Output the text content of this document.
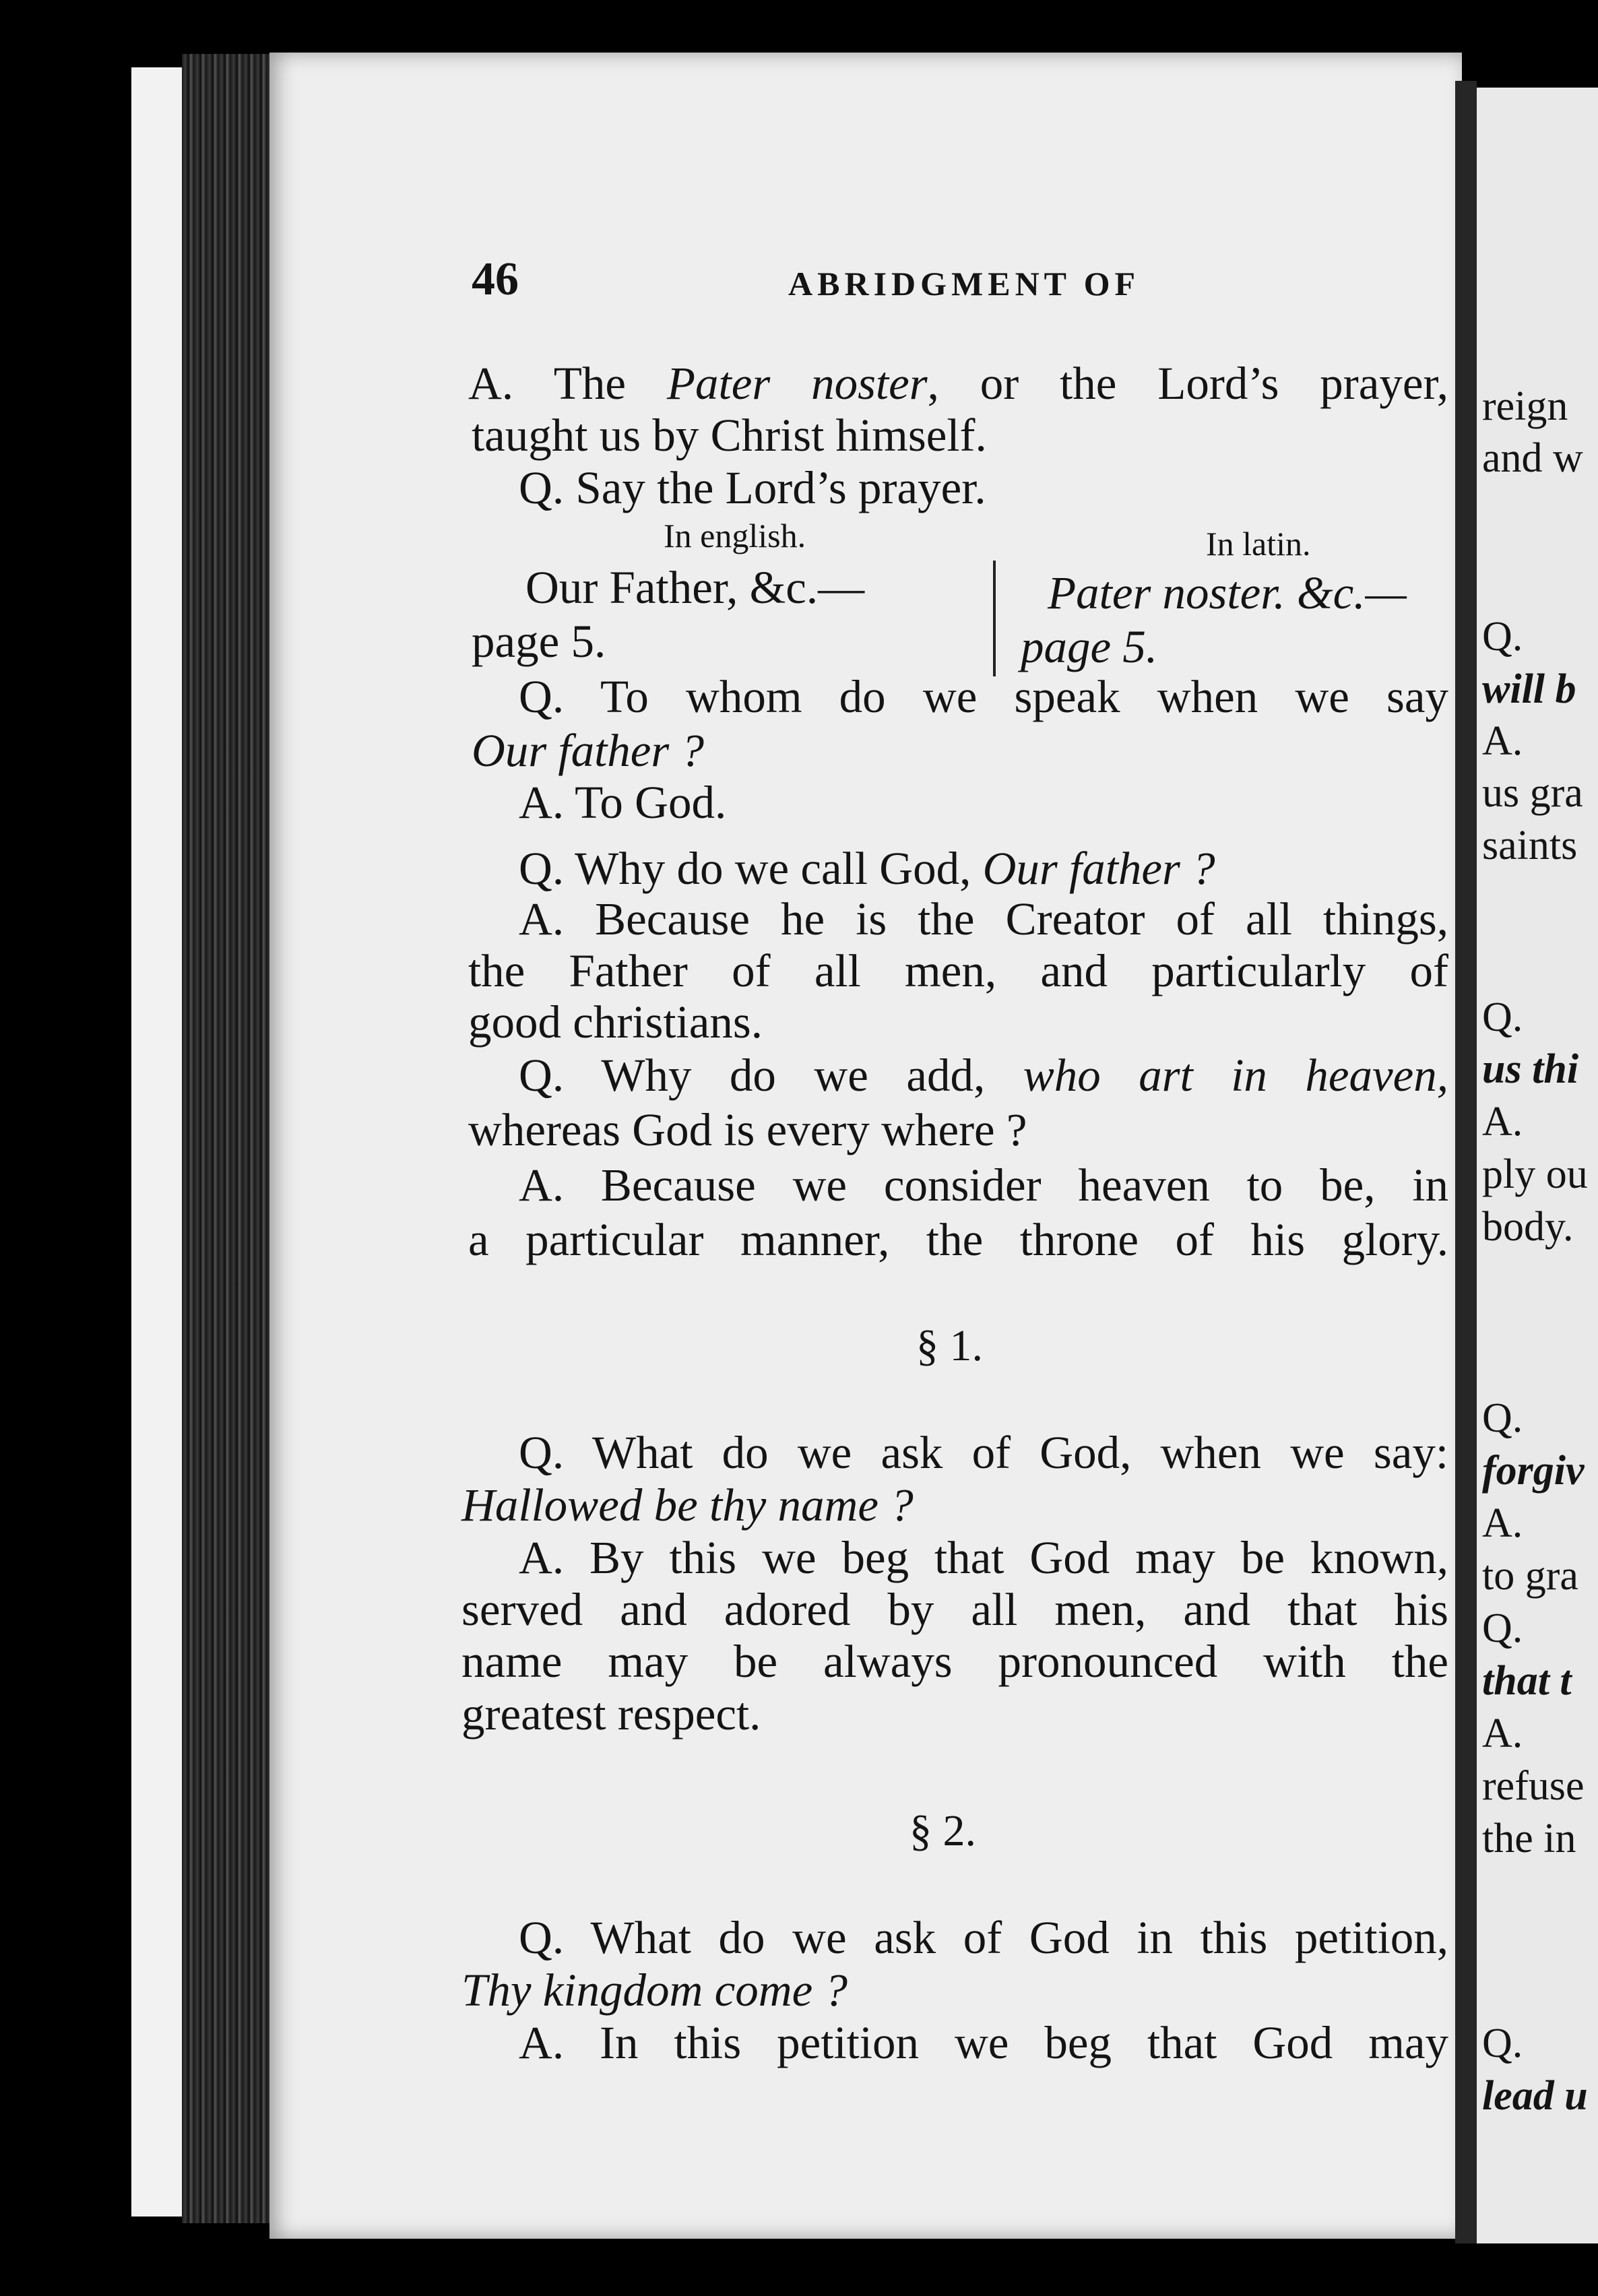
reign
and w
Q.
will b
A.
us gra
saints
Q.
us thi
A.
ply ou
body.
Q.
forgiv
A.
to gra
Q.
that t
A.
refuse
the in
Q.
lead u
46	ABRIDGMENT OF
A. The Pater noster, or the Lord’s prayer,
taught us by Christ himself.
Q. Say the Lord’s prayer.
In english.	In latin.
Our Father, &c.—
page 5.
Pater noster. &c.—
page 5.
Q. To whom do we speak when we say
Our father ?
A. To God.
Q. Why do we call God, Our father ?
A. Because he is the Creator of all things,
the Father of all men, and particularly of
good christians.
Q. Why do we add, who art in heaven,
whereas God is every where ?
A. Because we consider heaven to be, in
a particular manner, the throne of his glory.
§ 1.
Q. What do we ask of God, when we say:
Hallowed be thy name ?
A. By this we beg that God may be known,
served and adored by all men, and that his
name may be always pronounced with the
greatest respect.
§ 2.
Q. What do we ask of God in this petition,
Thy kingdom come ?
A. In this petition we beg that God may
